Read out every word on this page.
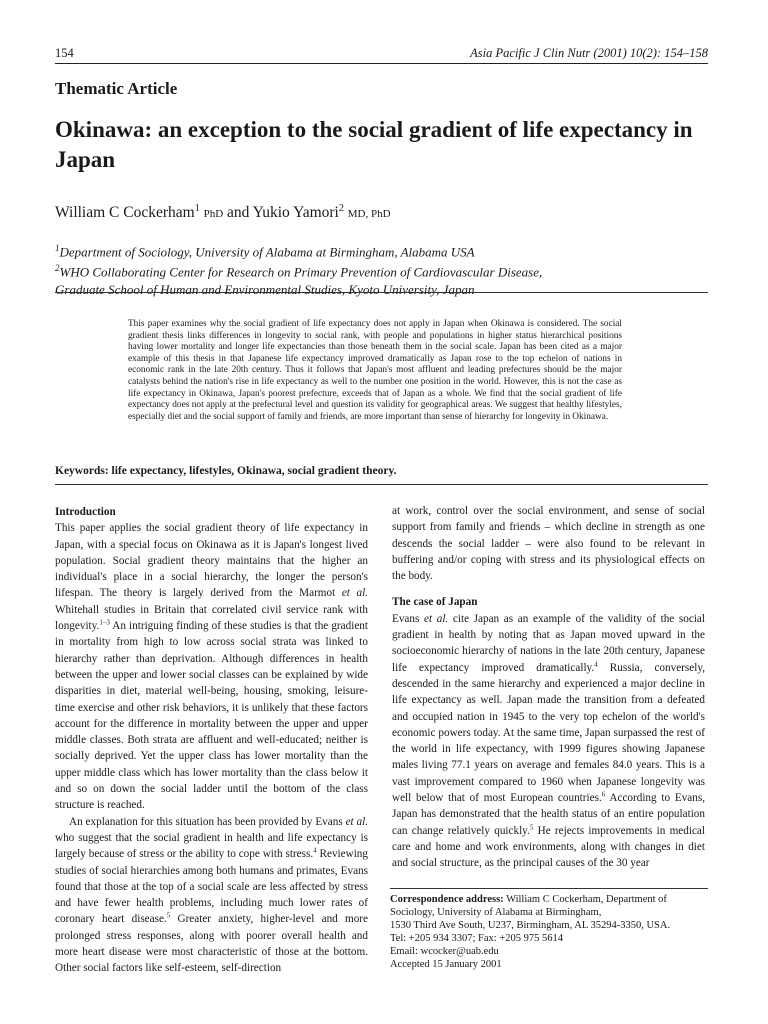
154	Asia Pacific J Clin Nutr (2001) 10(2): 154–158
Thematic Article
Okinawa: an exception to the social gradient of life expectancy in Japan
William C Cockerham$^1$ PhD and Yukio Yamori$^2$ MD, PhD
$^1$Department of Sociology, University of Alabama at Birmingham, Alabama USA
$^2$WHO Collaborating Center for Research on Primary Prevention of Cardiovascular Disease,
Graduate School of Human and Environmental Studies, Kyoto University, Japan

This paper examines why the social gradient of life expectancy does not apply in Japan when Okinawa is considered. The social gradient thesis links differences in longevity to social rank, with people and populations in higher status hierarchical positions having lower mortality and longer life expectancies than those beneath them in the social scale. Japan has been cited as a major example of this thesis in that Japanese life expectancy improved dramatically as Japan rose to the top echelon of nations in economic rank in the late 20th century. Thus it follows that Japan's most affluent and leading prefectures should be the major catalysts behind the nation's rise in life expectancy as well to the number one position in the world. However, this is not the case as life expectancy in Okinawa, Japan's poorest prefecture, exceeds that of Japan as a whole. We find that the social gradient of life expectancy does not apply at the prefectural level and question its validity for geographical areas. We suggest that healthy lifestyles, especially diet and the social support of family and friends, are more important than sense of hierarchy for longevity in Okinawa.

Keywords: life expectancy, lifestyles, Okinawa, social gradient theory.
Introduction

This paper applies the social gradient theory of life expectancy in Japan, with a special focus on Okinawa as it is Japan's longest lived population. Social gradient theory maintains that the higher an individual's place in a social hierarchy, the longer the person's lifespan. The theory is largely derived from the Marmot et al. Whitehall studies in Britain that correlated civil service rank with longevity.$^{1-3}$ An intriguing finding of these studies is that the gradient in mortality from high to low across social strata was linked to hierarchy rather than deprivation. Although differences in health between the upper and lower social classes can be explained by wide disparities in diet, material well-being, housing, smoking, leisure-time exercise and other risk behaviors, it is unlikely that these factors account for the difference in mortality between the upper and upper middle classes. Both strata are affluent and well-educated; neither is socially deprived. Yet the upper class has lower mortality than the upper middle class which has lower mortality than the class below it and so on down the social ladder until the bottom of the class structure is reached.

An explanation for this situation has been provided by Evans et al. who suggest that the social gradient in health and life expectancy is largely because of stress or the ability to cope with stress.$^4$ Reviewing studies of social hierarchies among both humans and primates, Evans found that those at the top of a social scale are less affected by stress and have fewer health problems, including much lower rates of coronary heart disease.$^5$ Greater anxiety, higher-level and more prolonged stress responses, along with poorer overall health and more heart disease were most characteristic of those at the bottom. Other social factors like self-esteem, self-direction

at work, control over the social environment, and sense of social support from family and friends – which decline in strength as one descends the social ladder – were also found to be relevant in buffering and/or coping with stress and its physiological effects on the body.

The case of Japan

Evans et al. cite Japan as an example of the validity of the social gradient in health by noting that as Japan moved upward in the socioeconomic hierarchy of nations in the late 20th century, Japanese life expectancy improved dramatically.$^4$ Russia, conversely, descended in the same hierarchy and experienced a major decline in life expectancy as well. Japan made the transition from a defeated and occupied nation in 1945 to the very top echelon of the world's economic powers today. At the same time, Japan surpassed the rest of the world in life expectancy, with 1999 figures showing Japanese males living 77.1 years on average and females 84.0 years. This is a vast improvement compared to 1960 when Japanese longevity was well below that of most European countries.$^6$ According to Evans, Japan has demonstrated that the health status of an entire population can change relatively quickly.$^5$ He rejects improvements in medical care and home and work environments, along with changes in diet and social structure, as the principal causes of the 30 year

Correspondence address: William C Cockerham, Department of
Sociology, University of Alabama at Birmingham,
1530 Third Ave South, U237, Birmingham, AL 35294-3350, USA.
Tel: +205 934 3307; Fax: +205 975 5614
Email: wcocker@uab.edu
Accepted 15 January 2001
